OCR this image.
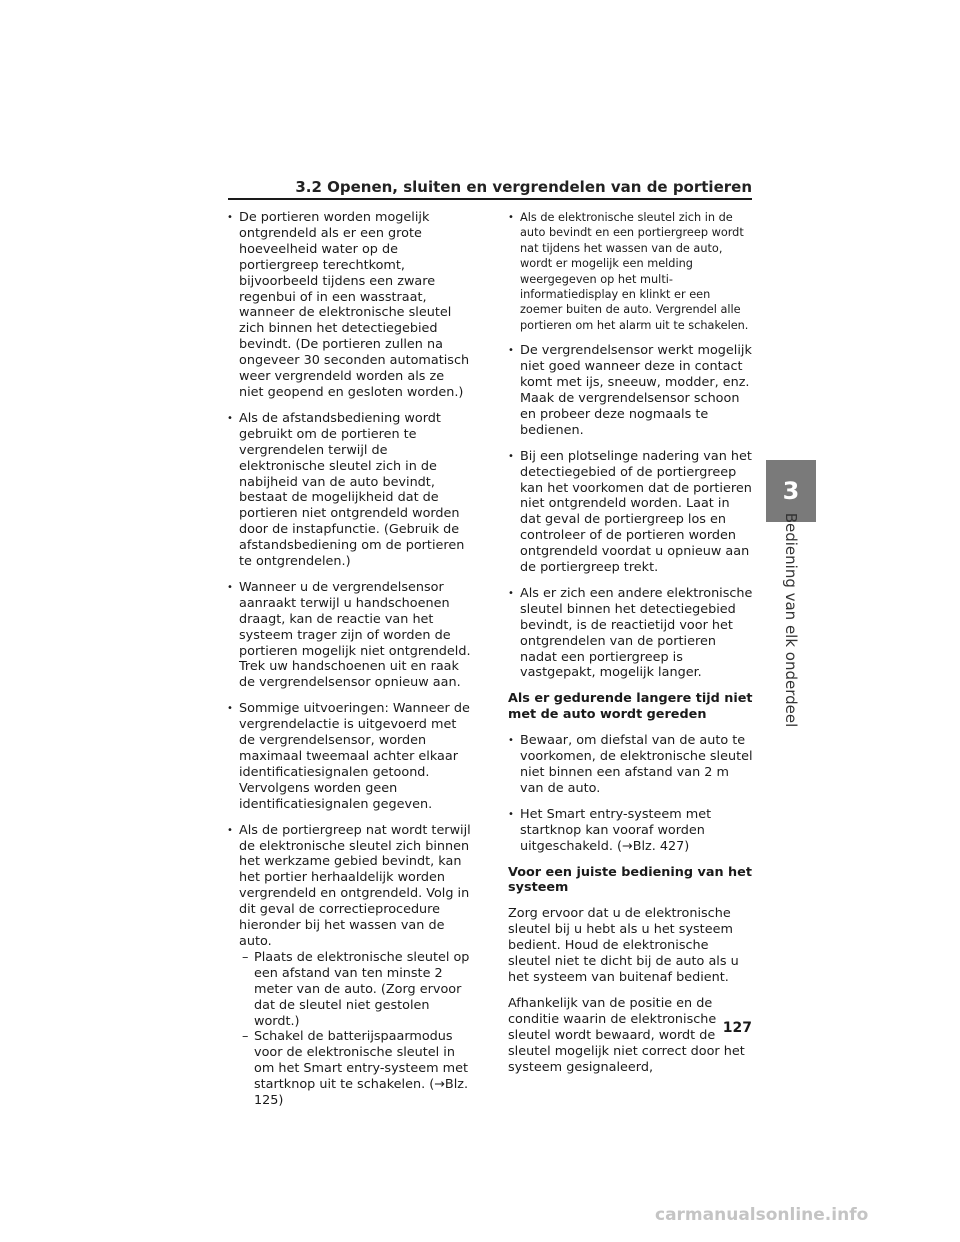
3.2 Openen, sluiten en vergrendelen van de portieren
3
Bediening van elk onderdeel

• De portieren worden mogelijk ontgrendeld als er een grote hoeveelheid water op de portiergreep terechtkomt, bijvoorbeeld tijdens een zware regenbui of in een wasstraat, wanneer de elektronische sleutel zich binnen het detectiegebied bevindt. (De portieren zullen na ongeveer 30 seconden automatisch weer vergrendeld worden als ze niet geopend en gesloten worden.)

• Als de afstandsbediening wordt gebruikt om de portieren te vergrendelen terwijl de elektronische sleutel zich in de nabijheid van de auto bevindt, bestaat de mogelijkheid dat de portieren niet ontgrendeld worden door de instapfunctie. (Gebruik de afstandsbediening om de portieren te ontgrendelen.)

• Wanneer u de vergrendelsensor aanraakt terwijl u handschoenen draagt, kan de reactie van het systeem trager zijn of worden de portieren mogelijk niet ontgrendeld. Trek uw handschoenen uit en raak de vergrendelsensor opnieuw aan.

• Sommige uitvoeringen: Wanneer de vergrendelactie is uitgevoerd met de vergrendelsensor, worden maximaal tweemaal achter elkaar identificatiesignalen getoond. Vervolgens worden geen identificatiesignalen gegeven.

• Als de portiergreep nat wordt terwijl de elektronische sleutel zich binnen het werkzame gebied bevindt, kan het portier herhaaldelijk worden vergrendeld en ontgrendeld. Volg in dit geval de correctieprocedure hieronder bij het wassen van de auto.

– Plaats de elektronische sleutel op een afstand van ten minste 2 meter van de auto. (Zorg ervoor dat de sleutel niet gestolen wordt.)

– Schakel de batterijspaarmodus voor de elektronische sleutel in om het Smart entry-systeem met startknop uit te schakelen. (→Blz. 125)

• Als de elektronische sleutel zich in de auto bevindt en een portiergreep wordt nat tijdens het wassen van de auto, wordt er mogelijk een melding weergegeven op het multi-informatiedisplay en klinkt er een zoemer buiten de auto. Vergrendel alle portieren om het alarm uit te schakelen.

• De vergrendelsensor werkt mogelijk niet goed wanneer deze in contact komt met ijs, sneeuw, modder, enz. Maak de vergrendelsensor schoon en probeer deze nogmaals te bedienen.

• Bij een plotselinge nadering van het detectiegebied of de portiergreep kan het voorkomen dat de portieren niet ontgrendeld worden. Laat in dat geval de portiergreep los en controleer of de portieren worden ontgrendeld voordat u opnieuw aan de portiergreep trekt.

• Als er zich een andere elektronische sleutel binnen het detectiegebied bevindt, is de reactietijd voor het ontgrendelen van de portieren nadat een portiergreep is vastgepakt, mogelijk langer.

Als er gedurende langere tijd niet met de auto wordt gereden

• Bewaar, om diefstal van de auto te voorkomen, de elektronische sleutel niet binnen een afstand van 2 m van de auto.

• Het Smart entry-systeem met startknop kan vooraf worden uitgeschakeld. (→Blz. 427)

Voor een juiste bediening van het systeem

Zorg ervoor dat u de elektronische sleutel bij u hebt als u het systeem bedient. Houd de elektronische sleutel niet te dicht bij de auto als u het systeem van buitenaf bedient.

Afhankelijk van de positie en de conditie waarin de elektronische sleutel wordt bewaard, wordt de sleutel mogelijk niet correct door het systeem gesignaleerd,

127
carmanualsonline.info
